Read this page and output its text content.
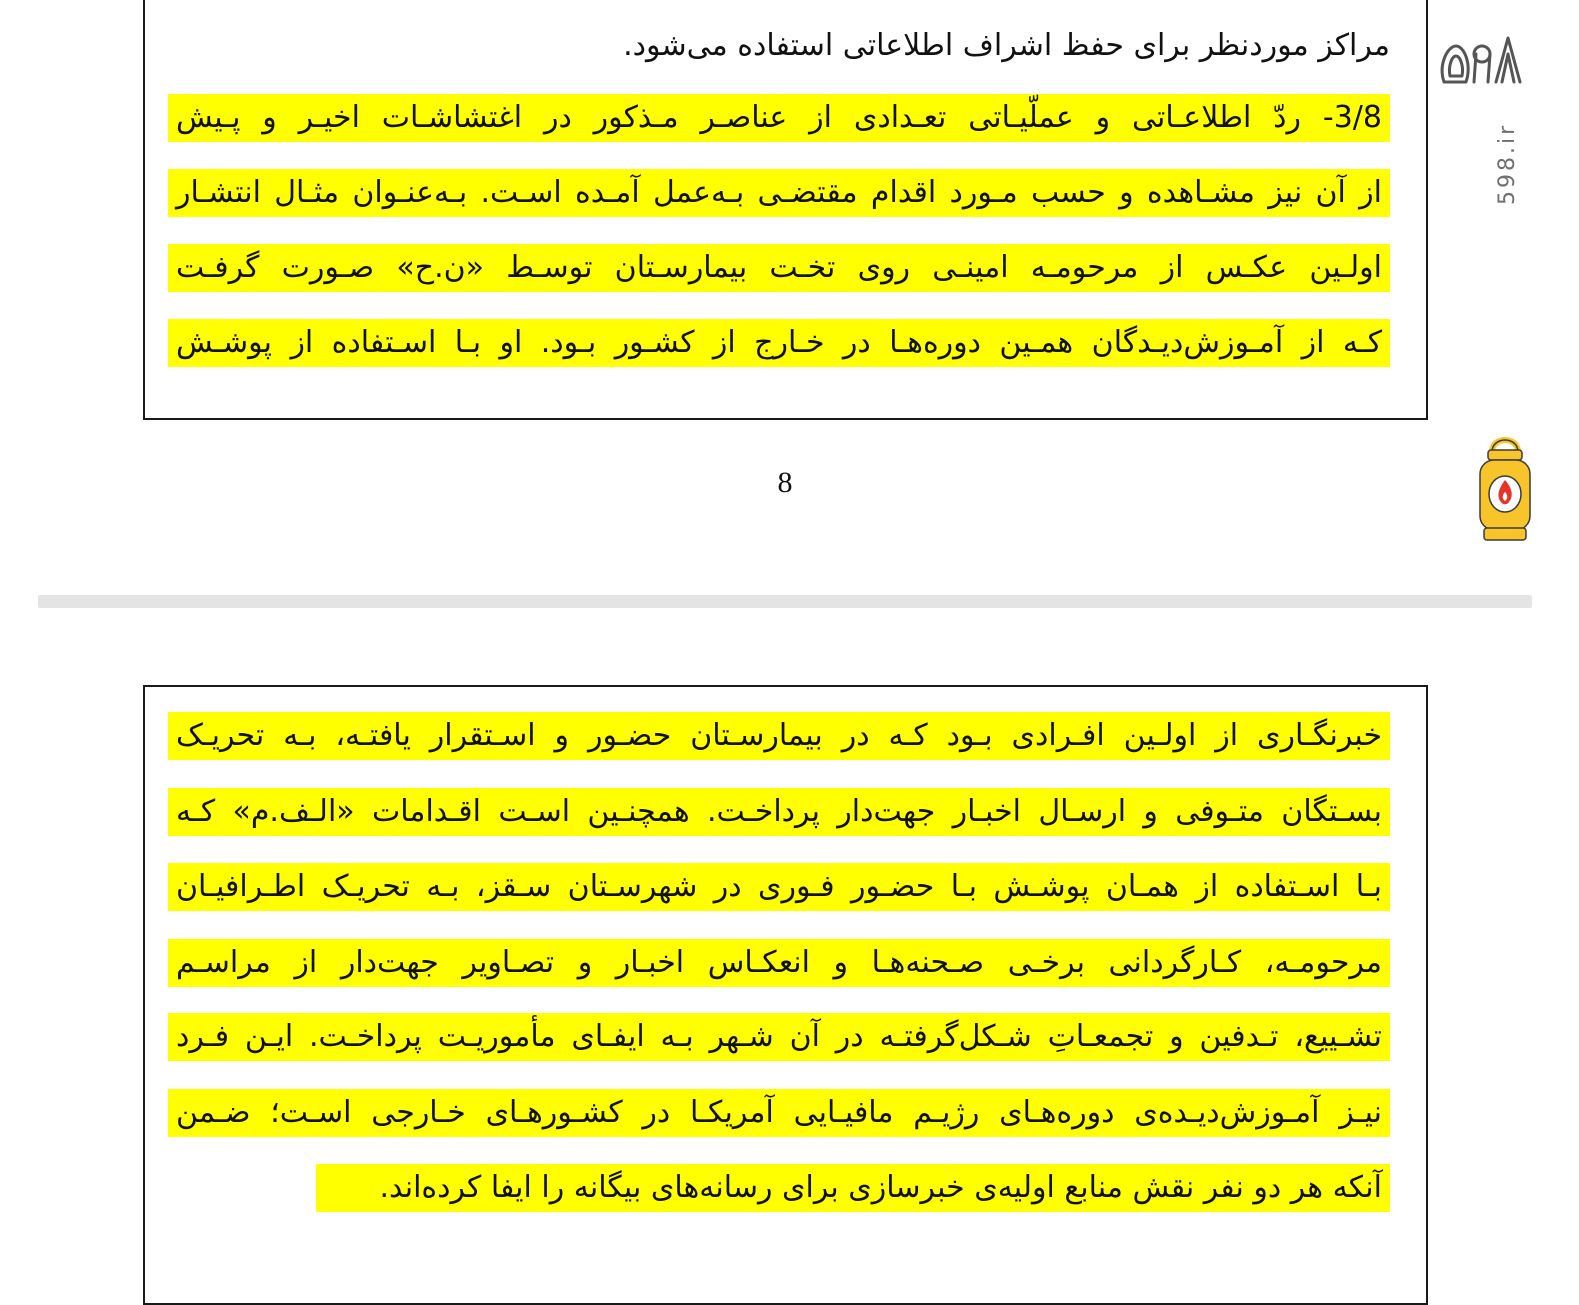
مراکز موردنظر برای حفظ اشراف اطلاعاتی استفاده می‌شود.
3/8- ردّ اطلاعـاتی و عملّیـاتی تعـدادی از عناصـر مـذکور در اغتشاشـات اخیـر و پـیش
از آن نیز مشـاهده و حسب مـورد اقدام مقتضـی بـه‌عمل آمـده اسـت. بـه‌عنـوان مثـال انتشـار
اولـین عکـس از مرحومـه امینـی روی تخـت بیمارسـتان توسـط «ن.ح» صـورت گرفـت
کـه از آمـوزش‌دیـدگان همـین دوره‌هـا در خـارج از کشـور بـود. او بـا اسـتفاده از پوشـش
8
خبرنگـاری از اولـین افـرادی بـود کـه در بیمارسـتان حضـور و اسـتقرار یافتـه، بـه تحریـک
بسـتگان متـوفی و ارسـال اخبـار جهت‌دار پرداخـت. همچنـین اسـت اقـدامات «الـف.م» کـه
بـا اسـتفاده از همـان پوشـش بـا حضـور فـوری در شهرسـتان سـقز، بـه تحریـک اطـرافیـان
مرحومـه، کـارگردانی برخـی صـحنه‌هـا و انعکـاس اخبـار و تصـاویر جهت‌دار از مراسـم
تشـییع، تـدفین و تجمعـاتِ شـکل‌گرفتـه در آن شـهر بـه ایفـای مأموریـت پرداخـت. ایـن فـرد
نیـز آمـوزش‌دیـده‌ی دوره‌هـای رژیـم مافیـایی آمریکـا در کشـورهـای خـارجی اسـت؛ ضـمن
آنکه هر دو نفر نقش منابع اولیه‌ی خبرسازی برای رسانه‌های بیگانه را ایفا کرده‌اند.
598.ir
